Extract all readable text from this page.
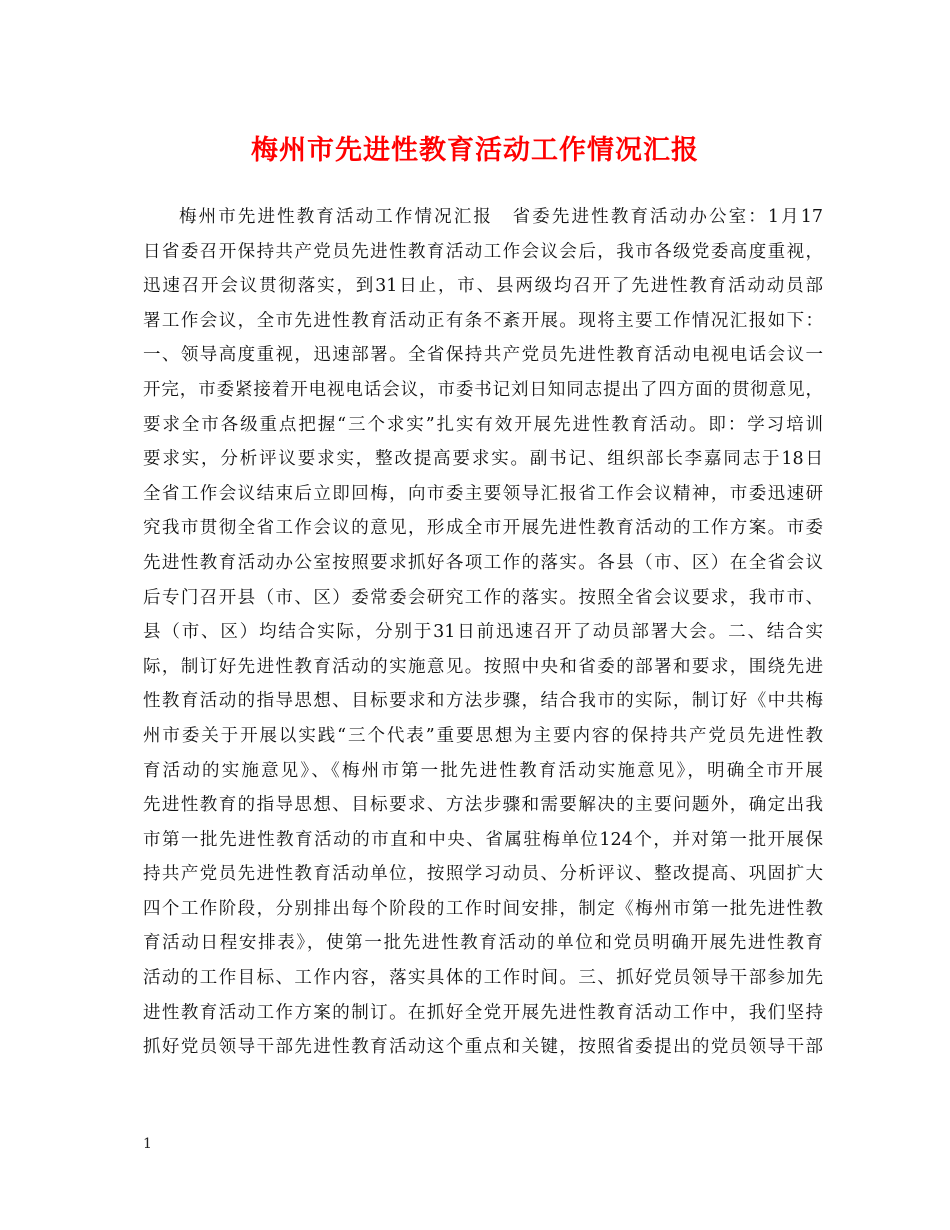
梅州市先进性教育活动工作情况汇报
梅州市先进性教育活动工作情况汇报　省委先进性教育活动办公室：1月17
日省委召开保持共产党员先进性教育活动工作会议会后，我市各级党委高度重视，
迅速召开会议贯彻落实，到31日止，市、县两级均召开了先进性教育活动动员部
署工作会议，全市先进性教育活动正有条不紊开展。现将主要工作情况汇报如下：
一、领导高度重视，迅速部署。全省保持共产党员先进性教育活动电视电话会议一
开完，市委紧接着开电视电话会议，市委书记刘日知同志提出了四方面的贯彻意见，
要求全市各级重点把握“三个求实”扎实有效开展先进性教育活动。即：学习培训
要求实，分析评议要求实，整改提高要求实。副书记、组织部长李嘉同志于18日
全省工作会议结束后立即回梅，向市委主要领导汇报省工作会议精神，市委迅速研
究我市贯彻全省工作会议的意见，形成全市开展先进性教育活动的工作方案。市委
先进性教育活动办公室按照要求抓好各项工作的落实。各县（市、区）在全省会议
后专门召开县（市、区）委常委会研究工作的落实。按照全省会议要求，我市市、
县（市、区）均结合实际，分别于31日前迅速召开了动员部署大会。二、结合实
际，制订好先进性教育活动的实施意见。按照中央和省委的部署和要求，围绕先进
性教育活动的指导思想、目标要求和方法步骤，结合我市的实际，制订好《中共梅
州市委关于开展以实践“三个代表”重要思想为主要内容的保持共产党员先进性教
育活动的实施意见》、《梅州市第一批先进性教育活动实施意见》，明确全市开展
先进性教育的指导思想、目标要求、方法步骤和需要解决的主要问题外，确定出我
市第一批先进性教育活动的市直和中央、省属驻梅单位124个，并对第一批开展保
持共产党员先进性教育活动单位，按照学习动员、分析评议、整改提高、巩固扩大
四个工作阶段，分别排出每个阶段的工作时间安排，制定《梅州市第一批先进性教
育活动日程安排表》，使第一批先进性教育活动的单位和党员明确开展先进性教育
活动的工作目标、工作内容，落实具体的工作时间。三、抓好党员领导干部参加先
进性教育活动工作方案的制订。在抓好全党开展先进性教育活动工作中，我们坚持
抓好党员领导干部先进性教育活动这个重点和关键，按照省委提出的党员领导干部
1
